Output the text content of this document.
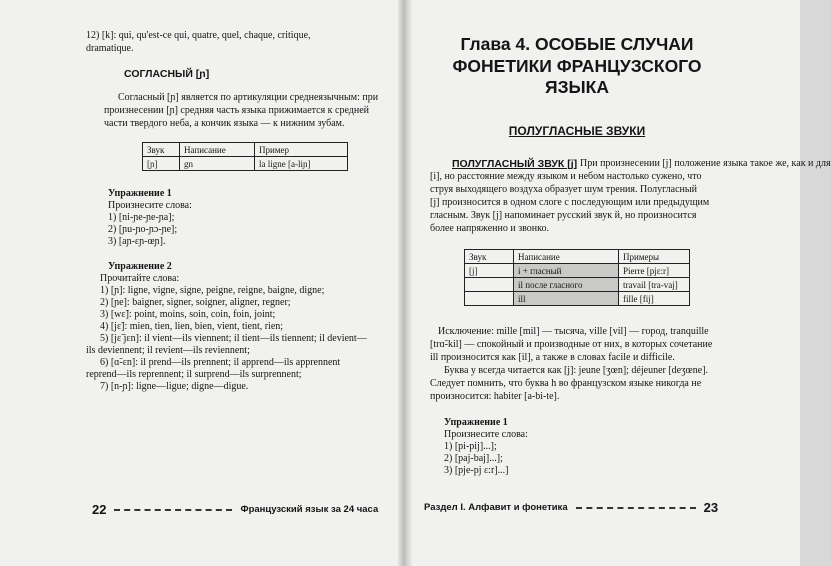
12) [k]: qui, qu'est-ce qui, quatre, quel, chaque, critique,
dramatique.
СОГЛАСНЫЙ [ɲ]
Согласный [ɲ] является по артикуляции среднеязычным: при
произнесении [ɲ] средняя часть языка прижимается к средней
части твердого неба, а кончик языка — к нижним зубам.
Звук	Написание	Пример
[ɲ]	gn	la ligne [a-liɲ]
Упражнение 1
Произнесите слова:
1) [ni-ɲe-ɲe-ɲa];
2) [ɲu-ɲo-ɲɔ-ɲe];
3) [aɲ-ɛɲ-œɲ].
Упражнение 2
Прочитайте слова:
1) [ɲ]: ligne, vigne, signe, peigne, reigne, baigne, digne;
2) [ɲe]: baigner, signer, soigner, aligner, regner;
3) [wɛ̃]: point, moins, soin, coin, foin, joint;
4) [jɛ̃]: mien, tien, lien, bien, vient, tient, rien;
5) [jɛ̃ jɛn]: il vient—ils viennent; il tient—ils tiennent; il devient—
ils deviennent; il revient—ils reviennent;
6) [ɑ̃-ɛn]: il prend—ils prennent; il apprend—ils apprennent
reprend—ils reprennent; il surprend—ils surprennent;
7) [n-ɲ]: ligne—ligue; digne—digue.
22	Французский язык за 24 часа
Глава 4. ОСОБЫЕ СЛУЧАИ
ФОНЕТИКИ ФРАНЦУЗСКОГО
ЯЗЫКА
ПОЛУГЛАСНЫЕ ЗВУКИ
ПОЛУГЛАСНЫЙ ЗВУК [j] При произнесении [j] положение языка такое же, как и для
[i], но расстояние между языком и небом настолько сужено, что
струя выходящего воздуха образует шум трения. Полугласный
[j] произносится в одном слоге с последующим или предыдущим
гласным. Звук [j] напоминает русский звук й, но произносится
более напряженно и звонко.
Звук	Написание	Примеры
[j]	i + гласный	Pierre [pjɛ:r]
	il после гласного	travail [tra-vaj]
	ill	fille [fij]
Исключение: mille [mil] — тысяча, ville [vil] — город, tranquille
[trɑ̃-kil] — спокойный и производные от них, в которых сочетание
ill произносится как [il], а также в словах facile и difficile.
Буква y всегда читается как [j]: jeune [ʒœn]; déjeuner [deʒœne].
Следует помнить, что буква h во французском языке никогда не
произносится: habiter [a-bi-te].
Упражнение 1
Произнесите слова:
1) [pi-pij]...];
2) [paj-baj]...];
3) [pje-pj ɛ:r]...]
Раздел I. Алфавит и фонетика	23
